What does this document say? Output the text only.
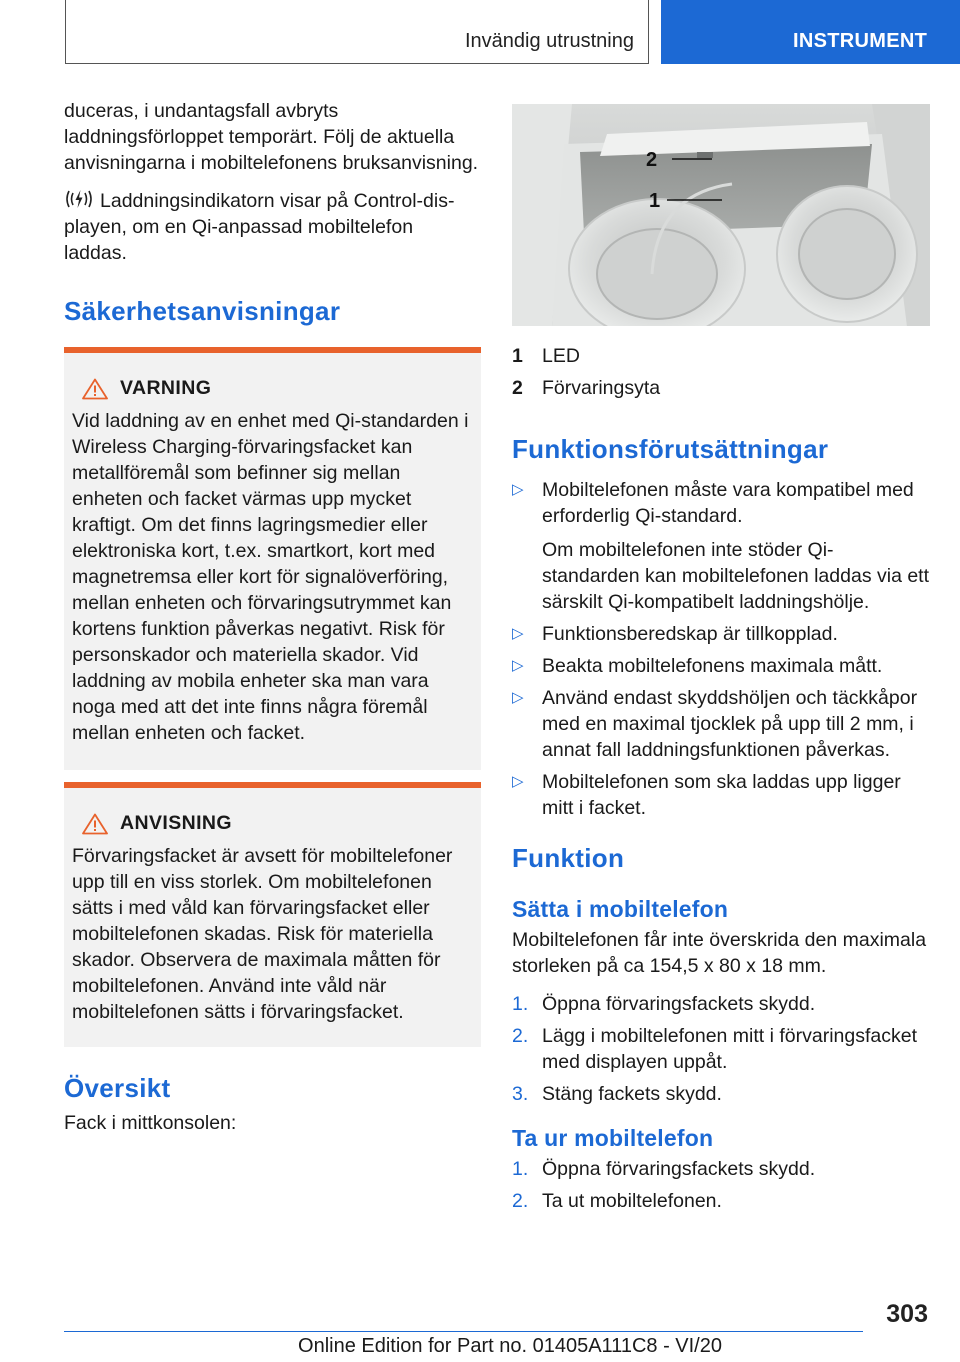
Invändig utrustning	INSTRUMENT

duceras, i undantagsfall avbryts laddningsförloppet temporärt. Följ de aktuella anvisningarna i mobiltelefonens bruksanvisning.

Laddningsindikatorn visar på Control-displayen, om en Qi-anpassad mobiltelefon laddas.

Säkerhetsanvisningar
VARNING

Vid laddning av en enhet med Qi-standarden i Wireless Charging-förvaringsfacket kan metallföremål som befinner sig mellan enheten och facket värmas upp mycket kraftigt. Om det finns lagringsmedier eller elektroniska kort, t.ex. smartkort, kort med magnetremsa eller kort för signalöverföring, mellan enheten och förvaringsutrymmet kan kortens funktion påverkas negativt. Risk för personskador och materiella skador. Vid laddning av mobila enheter ska man vara noga med att det inte finns några föremål mellan enheten och facket.

ANVISNING

Förvaringsfacket är avsett för mobiltelefoner upp till en viss storlek. Om mobiltelefonen sätts i med våld kan förvaringsfacket eller mobiltelefonen skadas. Risk för materiella skador. Observera de maximala måtten för mobiltelefonen. Använd inte våld när mobiltelefonen sätts i förvaringsfacket.

Översikt

Fack i mittkonsolen:

2
1
1 LED
2 Förvaringsyta
Funktionsförutsättningar
▷ Mobiltelefonen måste vara kompatibel med erforderlig Qi-standard.

Om mobiltelefonen inte stöder Qi-standarden kan mobiltelefonen laddas via ett särskilt Qi-kompatibelt laddningshölje.

▷ Funktionsberedskap är tillkopplad.

▷ Beakta mobiltelefonens maximala mått.

▷ Använd endast skyddshöljen och täckkåpor med en maximal tjocklek på upp till 2 mm, i annat fall laddningsfunktionen påverkas.

▷ Mobiltelefonen som ska laddas upp ligger mitt i facket.

Funktion
Sätta i mobiltelefon

Mobiltelefonen får inte överskrida den maximala storleken på ca 154,5 x 80 x 18 mm.

1. Öppna förvaringsfackets skydd.
2. Lägg i mobiltelefonen mitt i förvaringsfacket med displayen uppåt.
3. Stäng fackets skydd.
Ta ur mobiltelefon
1. Öppna förvaringsfackets skydd.
2. Ta ut mobiltelefonen.
303
Online Edition for Part no. 01405A111C8 - VI/20
